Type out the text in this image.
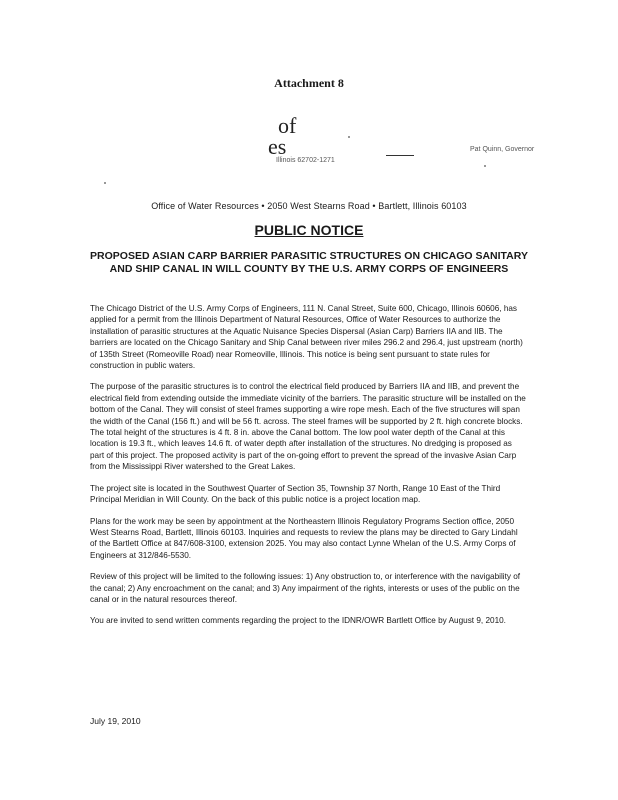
Attachment 8
of
es
Illinois 62702-1271
Pat Quinn, Governor
Office of Water Resources • 2050 West Stearns Road • Bartlett, Illinois 60103
PUBLIC NOTICE
PROPOSED ASIAN CARP BARRIER PARASITIC STRUCTURES ON CHICAGO SANITARY AND SHIP CANAL IN WILL COUNTY BY THE U.S. ARMY CORPS OF ENGINEERS

The Chicago District of the U.S. Army Corps of Engineers, 111 N. Canal Street, Suite 600, Chicago, Illinois 60606, has applied for a permit from the Illinois Department of Natural Resources, Office of Water Resources to authorize the installation of parasitic structures at the Aquatic Nuisance Species Dispersal (Asian Carp) Barriers IIA and IIB. The barriers are located on the Chicago Sanitary and Ship Canal between river miles 296.2 and 296.4, just upstream (north) of 135th Street (Romeoville Road) near Romeoville, Illinois. This notice is being sent pursuant to state rules for construction in public waters.

The purpose of the parasitic structures is to control the electrical field produced by Barriers IIA and IIB, and prevent the electrical field from extending outside the immediate vicinity of the barriers. The parasitic structure will be installed on the bottom of the Canal. They will consist of steel frames supporting a wire rope mesh. Each of the five structures will span the width of the Canal (156 ft.) and will be 56 ft. across. The steel frames will be supported by 2 ft. high concrete blocks. The total height of the structures is 4 ft. 8 in. above the Canal bottom. The low pool water depth of the Canal at this location is 19.3 ft., which leaves 14.6 ft. of water depth after installation of the structures. No dredging is proposed as part of this project. The proposed activity is part of the on-going effort to prevent the spread of the invasive Asian Carp from the Mississippi River watershed to the Great Lakes.

The project site is located in the Southwest Quarter of Section 35, Township 37 North, Range 10 East of the Third Principal Meridian in Will County. On the back of this public notice is a project location map.

Plans for the work may be seen by appointment at the Northeastern Illinois Regulatory Programs Section office, 2050 West Stearns Road, Bartlett, Illinois 60103. Inquiries and requests to review the plans may be directed to Gary Lindahl of the Bartlett Office at 847/608-3100, extension 2025. You may also contact Lynne Whelan of the U.S. Army Corps of Engineers at 312/846-5530.

Review of this project will be limited to the following issues: 1) Any obstruction to, or interference with the navigability of the canal; 2) Any encroachment on the canal; and 3) Any impairment of the rights, interests or uses of the public on the canal or in the natural resources thereof.

You are invited to send written comments regarding the project to the IDNR/OWR Bartlett Office by August 9, 2010.

July 19, 2010
